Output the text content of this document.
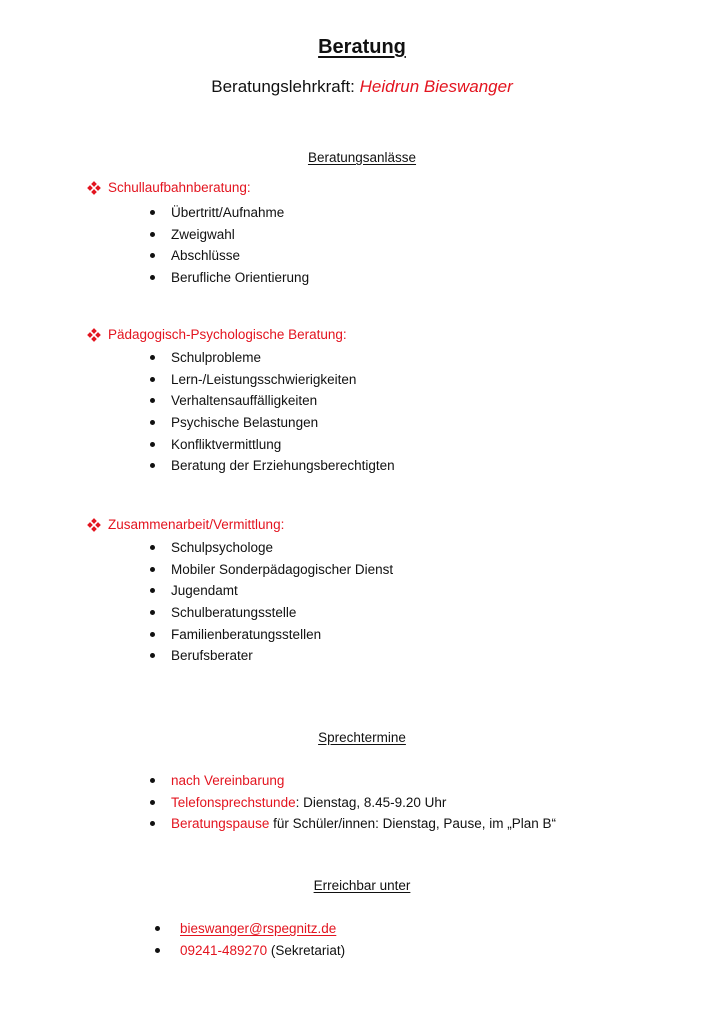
Beratung
Beratungslehrkraft: Heidrun Bieswanger
Beratungsanlässe
Schullaufbahnberatung:
Übertritt/Aufnahme
Zweigwahl
Abschlüsse
Berufliche Orientierung
Pädagogisch-Psychologische Beratung:
Schulprobleme
Lern-/Leistungsschwierigkeiten
Verhaltensauffälligkeiten
Psychische Belastungen
Konfliktvermittlung
Beratung der Erziehungsberechtigten
Zusammenarbeit/Vermittlung:
Schulpsychologe
Mobiler Sonderpädagogischer Dienst
Jugendamt
Schulberatungsstelle
Familienberatungsstellen
Berufsberater
Sprechtermine
nach Vereinbarung
Telefonsprechstunde : Dienstag, 8.45-9.20 Uhr
Beratungspause für Schüler/innen: Dienstag, Pause, im „Plan B“
Erreichbar unter
bieswanger@rspegnitz.de
09241-489270 (Sekretariat)
